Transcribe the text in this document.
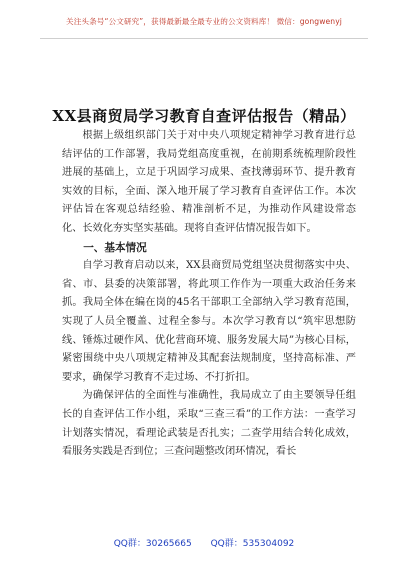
关注头条号“公文研究”，获得最新最全最专业的公文资料库！ 微信：gongwenyj
XX县商贸局学习教育自查评估报告（精品）

根据上级组织部门关于对中央八项规定精神学习教育进行总结评估的工作部署，我局党组高度重视，在前期系统梳理阶段性进展的基础上，立足于巩固学习成果、查找薄弱环节、提升教育实效的目标，全面、深入地开展了学习教育自查评估工作。本次评估旨在客观总结经验、精准剖析不足，为推动作风建设常态化、长效化夯实坚实基础。现将自查评估情况报告如下。

一、基本情况

自学习教育启动以来，XX县商贸局党组坚决贯彻落实中央、省、市、县委的决策部署，将此项工作作为一项重大政治任务来抓。我局全体在编在岗的45名干部职工全部纳入学习教育范围，实现了人员全覆盖、过程全参与。本次学习教育以“筑牢思想防线、锤炼过硬作风、优化营商环境、服务发展大局”为核心目标，紧密围绕中央八项规定精神及其配套法规制度，坚持高标准、严要求，确保学习教育不走过场、不打折扣。

为确保评估的全面性与准确性，我局成立了由主要领导任组长的自查评估工作小组，采取“三查三看”的工作方法：一查学习计划落实情况，看理论武装是否扎实；二查学用结合转化成效，看服务实践是否到位；三查问题整改闭环情况，看长

QQ群：30265665 QQ群：535304092
